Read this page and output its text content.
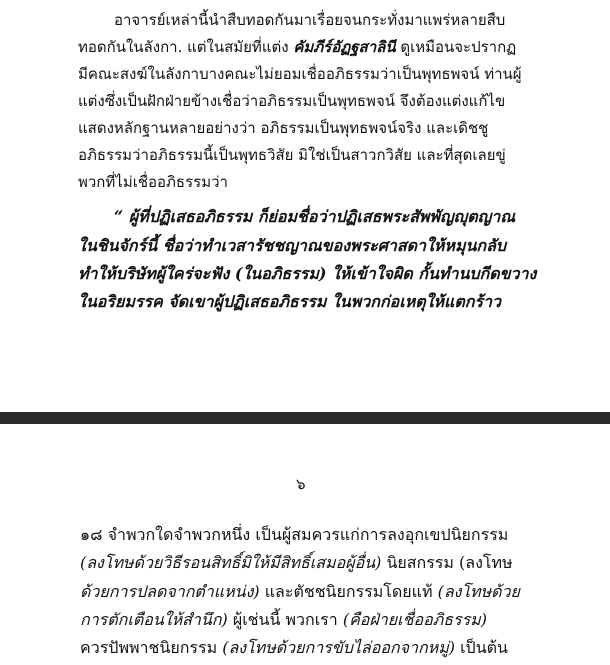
อาจารย์เหล่านี้นำสืบทอดกันมาเรื่อยจนกระทั่งมาแพร่หลายสืบ
ทอดกันในลังกา. แต่ในสมัยที่แต่ง คัมภีร์อัฏฐสาลินี ดูเหมือนจะปรากฏ
มีคณะสงฆ์ในลังกาบางคณะไม่ยอมเชื่ออภิธรรมว่าเป็นพุทธพจน์ ท่านผู้
แต่งซึ่งเป็นฝักฝ่ายข้างเชื่อว่าอภิธรรมเป็นพุทธพจน์ จึงต้องแต่งแก้ไข
แสดงหลักฐานหลายอย่างว่า อภิธรรมเป็นพุทธพจน์จริง และเดิชชู
อภิธรรมว่าอภิธรรมนี้เป็นพุทธวิสัย มิใช่เป็นสาวกวิสัย และที่สุดเลยขู่
พวกที่ไม่เชื่ออภิธรรมว่า
“ ผู้ที่ปฏิเสธอภิธรรม ก็ย่อมชื่อว่าปฏิเสธพระสัพพัญญุตญาณ
ในชินจักร์นี้ ชื่อว่าทำเวสารัชชญาณของพระศาสดาให้หมุนกลับ
ทำให้บริษัทผู้ใคร่จะฟัง (ในอภิธรรม) ให้เข้าใจผิด กั้นทำนบกีดขวาง
ในอริยมรรค จัดเขาผู้ปฏิเสธอภิธรรม ในพวกก่อเหตุให้แตกร้าว
๖
๑๘ จำพวกใดจำพวกหนึ่ง เป็นผู้สมควรแก่การลงอุกเขปนิยกรรม
(ลงโทษด้วยวิธีรอนสิทธิ์มิให้มีสิทธิ์เสมอผู้อื่น) นิยสกรรม (ลงโทษ
ด้วยการปลดจากตำแหน่ง) และตัชชนิยกรรมโดยแท้ (ลงโทษด้วย
การตักเตือนให้สำนึก) ผู้เช่นนี้ พวกเรา (คือฝ่ายเชื่ออภิธรรม)
ควรปัพพาชนิยกรรม (ลงโทษด้วยการขับไล่ออกจากหมู่) เป็นต้น
